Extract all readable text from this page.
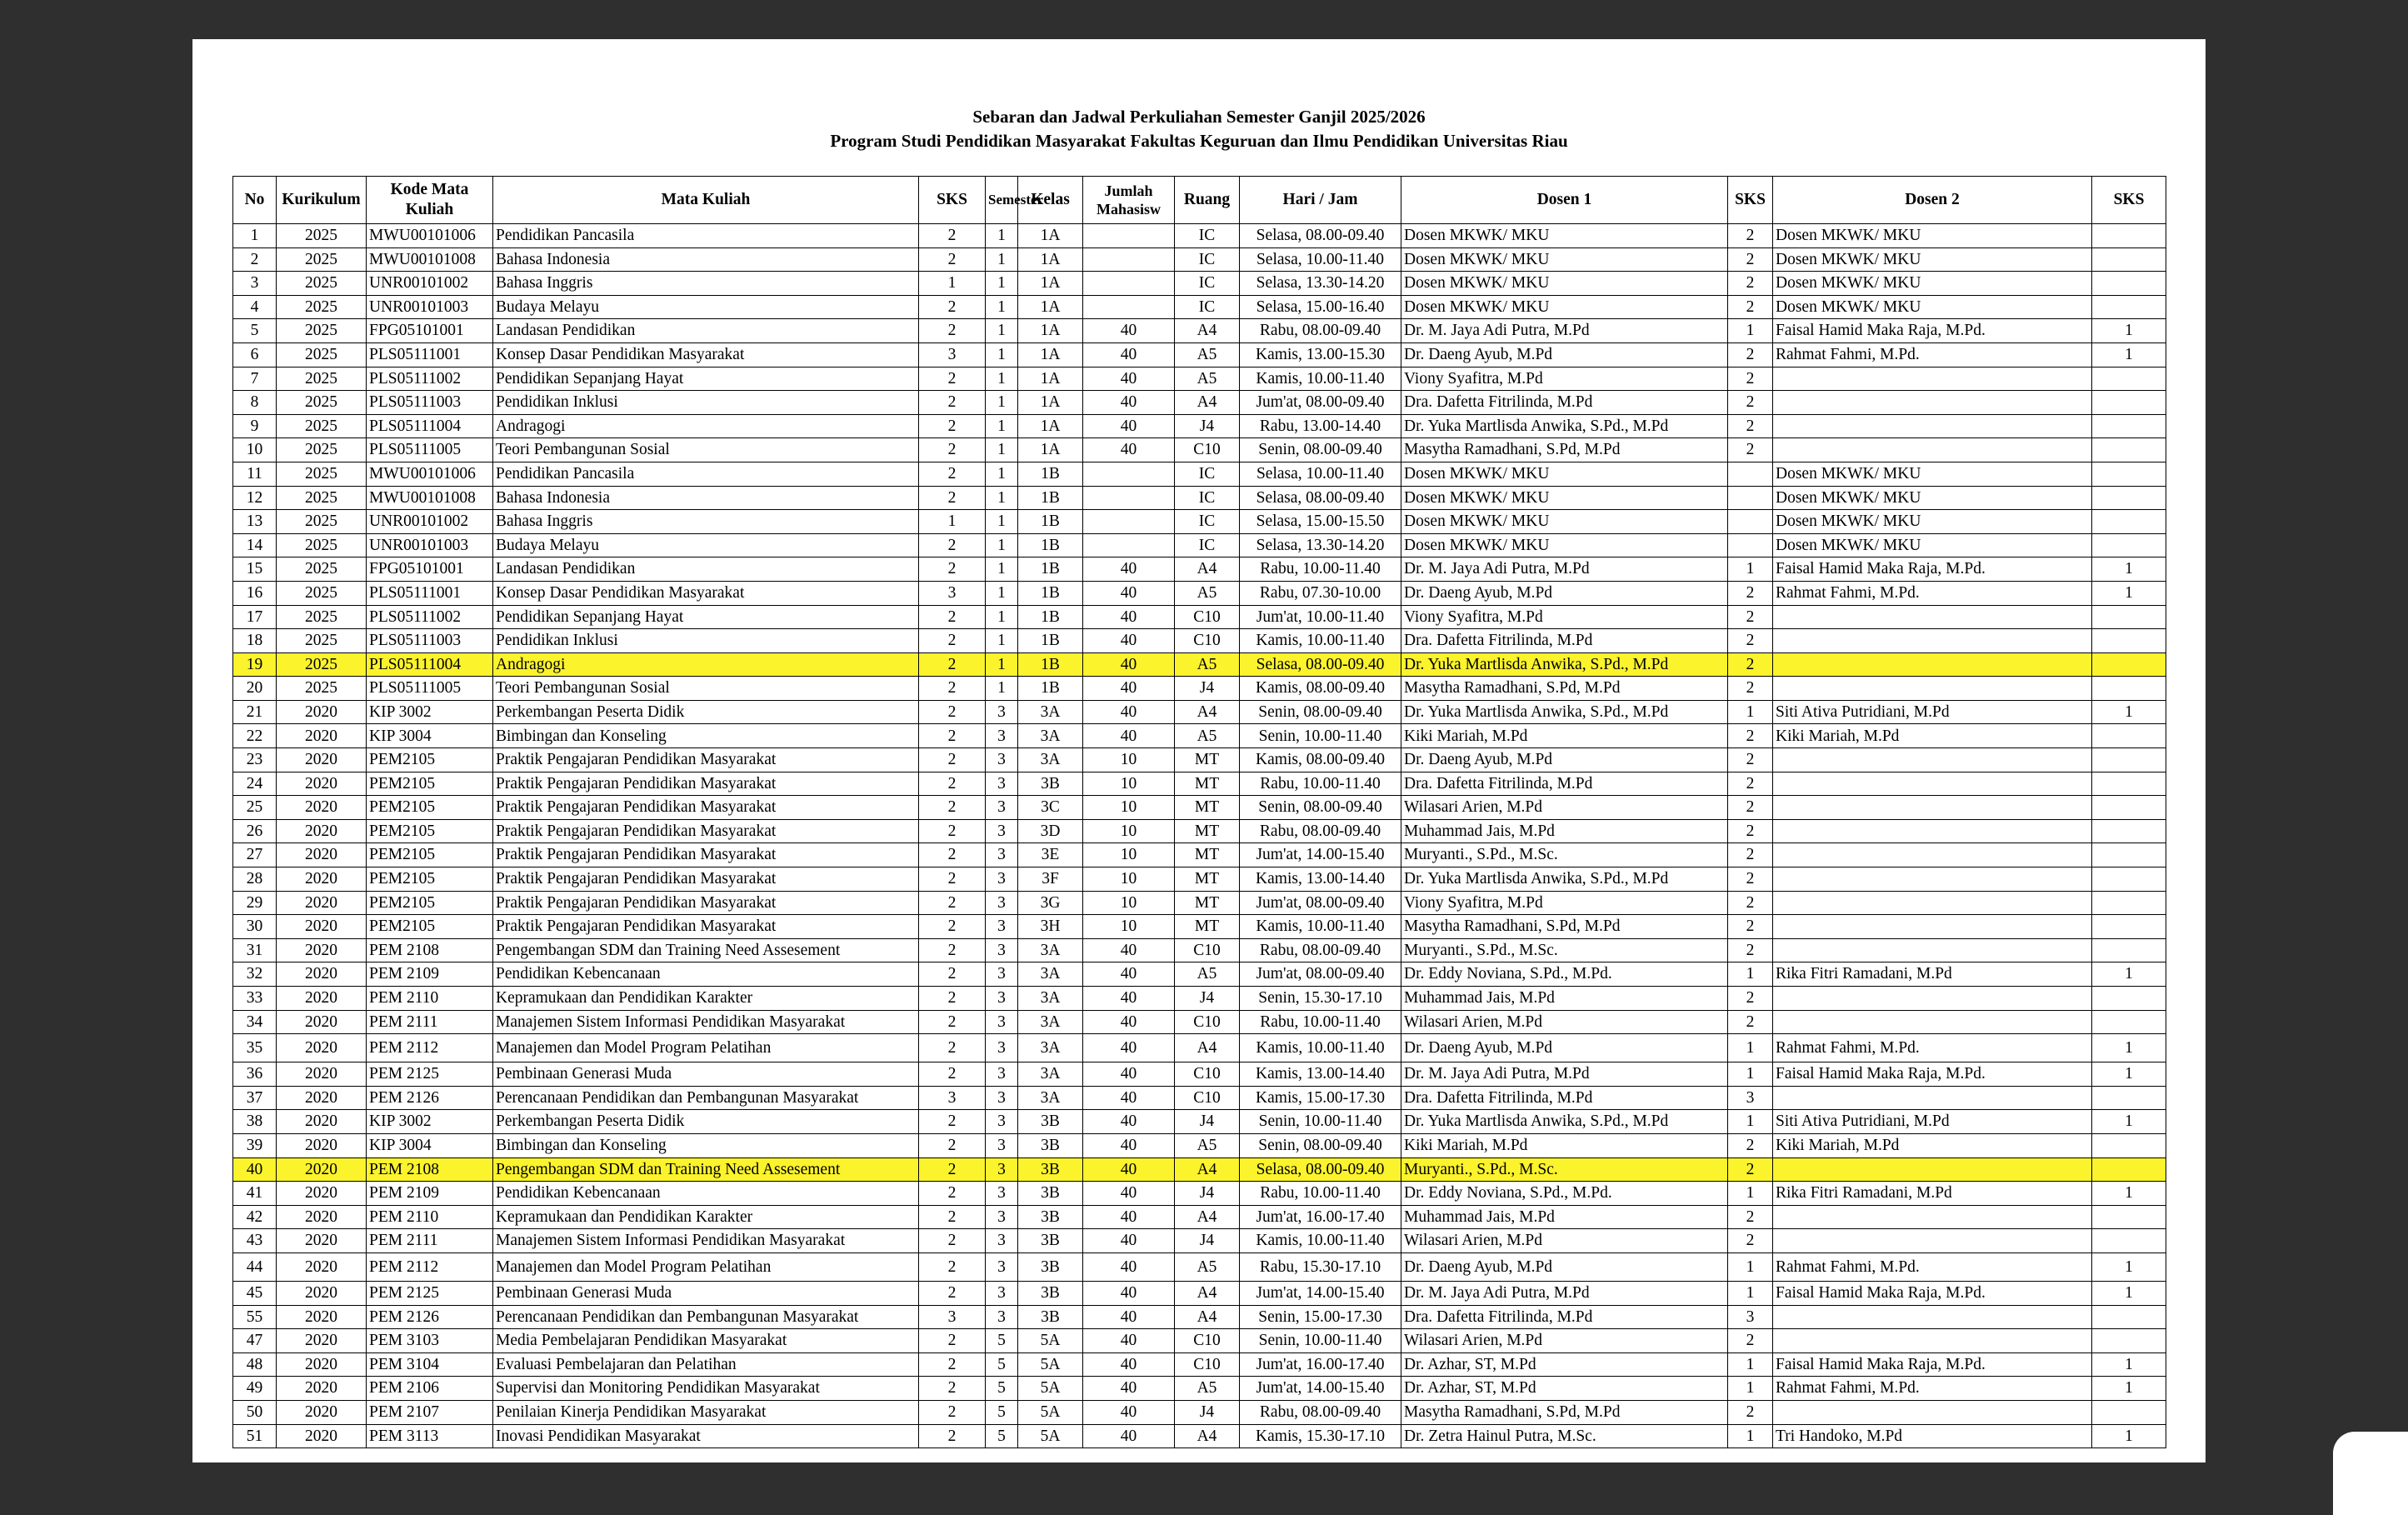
Sebaran dan Jadwal Perkuliahan Semester Ganjil 2025/2026
Program Studi Pendidikan Masyarakat Fakultas Keguruan dan Ilmu Pendidikan Universitas Riau
No	Kurikulum	Kode Mata Kuliah	Mata Kuliah	SKS	Semester	Kelas	Jumlah Mahasisw	Ruang	Hari / Jam	Dosen 1	SKS	Dosen 2	SKS
1	2025	MWU00101006	Pendidikan Pancasila	2	1	1A		IC	Selasa, 08.00-09.40	Dosen MKWK/ MKU	2	Dosen MKWK/ MKU	
2	2025	MWU00101008	Bahasa Indonesia	2	1	1A		IC	Selasa, 10.00-11.40	Dosen MKWK/ MKU	2	Dosen MKWK/ MKU	
3	2025	UNR00101002	Bahasa Inggris	1	1	1A		IC	Selasa, 13.30-14.20	Dosen MKWK/ MKU	2	Dosen MKWK/ MKU	
4	2025	UNR00101003	Budaya Melayu	2	1	1A		IC	Selasa, 15.00-16.40	Dosen MKWK/ MKU	2	Dosen MKWK/ MKU	
5	2025	FPG05101001	Landasan Pendidikan	2	1	1A	40	A4	Rabu, 08.00-09.40	Dr. M. Jaya Adi Putra, M.Pd	1	Faisal Hamid Maka Raja, M.Pd.	1
6	2025	PLS05111001	Konsep Dasar Pendidikan Masyarakat	3	1	1A	40	A5	Kamis, 13.00-15.30	Dr. Daeng Ayub, M.Pd	2	Rahmat Fahmi, M.Pd.	1
7	2025	PLS05111002	Pendidikan Sepanjang Hayat	2	1	1A	40	A5	Kamis, 10.00-11.40	Viony Syafitra, M.Pd	2		
8	2025	PLS05111003	Pendidikan Inklusi	2	1	1A	40	A4	Jum'at, 08.00-09.40	Dra. Dafetta Fitrilinda, M.Pd	2		
9	2025	PLS05111004	Andragogi	2	1	1A	40	J4	Rabu, 13.00-14.40	Dr. Yuka Martlisda Anwika, S.Pd., M.Pd	2		
10	2025	PLS05111005	Teori Pembangunan Sosial	2	1	1A	40	C10	Senin, 08.00-09.40	Masytha Ramadhani, S.Pd, M.Pd	2		
11	2025	MWU00101006	Pendidikan Pancasila	2	1	1B		IC	Selasa, 10.00-11.40	Dosen MKWK/ MKU		Dosen MKWK/ MKU	
12	2025	MWU00101008	Bahasa Indonesia	2	1	1B		IC	Selasa, 08.00-09.40	Dosen MKWK/ MKU		Dosen MKWK/ MKU	
13	2025	UNR00101002	Bahasa Inggris	1	1	1B		IC	Selasa, 15.00-15.50	Dosen MKWK/ MKU		Dosen MKWK/ MKU	
14	2025	UNR00101003	Budaya Melayu	2	1	1B		IC	Selasa, 13.30-14.20	Dosen MKWK/ MKU		Dosen MKWK/ MKU	
15	2025	FPG05101001	Landasan Pendidikan	2	1	1B	40	A4	Rabu, 10.00-11.40	Dr. M. Jaya Adi Putra, M.Pd	1	Faisal Hamid Maka Raja, M.Pd.	1
16	2025	PLS05111001	Konsep Dasar Pendidikan Masyarakat	3	1	1B	40	A5	Rabu, 07.30-10.00	Dr. Daeng Ayub, M.Pd	2	Rahmat Fahmi, M.Pd.	1
17	2025	PLS05111002	Pendidikan Sepanjang Hayat	2	1	1B	40	C10	Jum'at, 10.00-11.40	Viony Syafitra, M.Pd	2		
18	2025	PLS05111003	Pendidikan Inklusi	2	1	1B	40	C10	Kamis, 10.00-11.40	Dra. Dafetta Fitrilinda, M.Pd	2		
19	2025	PLS05111004	Andragogi	2	1	1B	40	A5	Selasa, 08.00-09.40	Dr. Yuka Martlisda Anwika, S.Pd., M.Pd	2		
20	2025	PLS05111005	Teori Pembangunan Sosial	2	1	1B	40	J4	Kamis, 08.00-09.40	Masytha Ramadhani, S.Pd, M.Pd	2		
21	2020	KIP 3002	Perkembangan Peserta Didik	2	3	3A	40	A4	Senin, 08.00-09.40	Dr. Yuka Martlisda Anwika, S.Pd., M.Pd	1	Siti Ativa Putridiani, M.Pd	1
22	2020	KIP 3004	Bimbingan dan Konseling	2	3	3A	40	A5	Senin, 10.00-11.40	Kiki Mariah, M.Pd	2	Kiki Mariah, M.Pd	
23	2020	PEM2105	Praktik Pengajaran Pendidikan Masyarakat	2	3	3A	10	MT	Kamis, 08.00-09.40	Dr. Daeng Ayub, M.Pd	2		
24	2020	PEM2105	Praktik Pengajaran Pendidikan Masyarakat	2	3	3B	10	MT	Rabu, 10.00-11.40	Dra. Dafetta Fitrilinda, M.Pd	2		
25	2020	PEM2105	Praktik Pengajaran Pendidikan Masyarakat	2	3	3C	10	MT	Senin, 08.00-09.40	Wilasari Arien, M.Pd	2		
26	2020	PEM2105	Praktik Pengajaran Pendidikan Masyarakat	2	3	3D	10	MT	Rabu, 08.00-09.40	Muhammad Jais, M.Pd	2		
27	2020	PEM2105	Praktik Pengajaran Pendidikan Masyarakat	2	3	3E	10	MT	Jum'at, 14.00-15.40	Muryanti., S.Pd., M.Sc.	2		
28	2020	PEM2105	Praktik Pengajaran Pendidikan Masyarakat	2	3	3F	10	MT	Kamis, 13.00-14.40	Dr. Yuka Martlisda Anwika, S.Pd., M.Pd	2		
29	2020	PEM2105	Praktik Pengajaran Pendidikan Masyarakat	2	3	3G	10	MT	Jum'at, 08.00-09.40	Viony Syafitra, M.Pd	2		
30	2020	PEM2105	Praktik Pengajaran Pendidikan Masyarakat	2	3	3H	10	MT	Kamis, 10.00-11.40	Masytha Ramadhani, S.Pd, M.Pd	2		
31	2020	PEM 2108	Pengembangan SDM dan Training Need Assesement	2	3	3A	40	C10	Rabu, 08.00-09.40	Muryanti., S.Pd., M.Sc.	2		
32	2020	PEM 2109	Pendidikan Kebencanaan	2	3	3A	40	A5	Jum'at, 08.00-09.40	Dr. Eddy Noviana, S.Pd., M.Pd.	1	Rika Fitri Ramadani, M.Pd	1
33	2020	PEM 2110	Kepramukaan dan Pendidikan Karakter	2	3	3A	40	J4	Senin, 15.30-17.10	Muhammad Jais, M.Pd	2		
34	2020	PEM 2111	Manajemen Sistem Informasi Pendidikan Masyarakat	2	3	3A	40	C10	Rabu, 10.00-11.40	Wilasari Arien, M.Pd	2		
35	2020	PEM 2112	Manajemen dan Model Program Pelatihan	2	3	3A	40	A4	Kamis, 10.00-11.40	Dr. Daeng Ayub, M.Pd	1	Rahmat Fahmi, M.Pd.	1
36	2020	PEM 2125	Pembinaan Generasi Muda	2	3	3A	40	C10	Kamis, 13.00-14.40	Dr. M. Jaya Adi Putra, M.Pd	1	Faisal Hamid Maka Raja, M.Pd.	1
37	2020	PEM 2126	Perencanaan Pendidikan dan Pembangunan Masyarakat	3	3	3A	40	C10	Kamis, 15.00-17.30	Dra. Dafetta Fitrilinda, M.Pd	3		
38	2020	KIP 3002	Perkembangan Peserta Didik	2	3	3B	40	J4	Senin, 10.00-11.40	Dr. Yuka Martlisda Anwika, S.Pd., M.Pd	1	Siti Ativa Putridiani, M.Pd	1
39	2020	KIP 3004	Bimbingan dan Konseling	2	3	3B	40	A5	Senin, 08.00-09.40	Kiki Mariah, M.Pd	2	Kiki Mariah, M.Pd	
40	2020	PEM 2108	Pengembangan SDM dan Training Need Assesement	2	3	3B	40	A4	Selasa, 08.00-09.40	Muryanti., S.Pd., M.Sc.	2		
41	2020	PEM 2109	Pendidikan Kebencanaan	2	3	3B	40	J4	Rabu, 10.00-11.40	Dr. Eddy Noviana, S.Pd., M.Pd.	1	Rika Fitri Ramadani, M.Pd	1
42	2020	PEM 2110	Kepramukaan dan Pendidikan Karakter	2	3	3B	40	A4	Jum'at, 16.00-17.40	Muhammad Jais, M.Pd	2		
43	2020	PEM 2111	Manajemen Sistem Informasi Pendidikan Masyarakat	2	3	3B	40	J4	Kamis, 10.00-11.40	Wilasari Arien, M.Pd	2		
44	2020	PEM 2112	Manajemen dan Model Program Pelatihan	2	3	3B	40	A5	Rabu, 15.30-17.10	Dr. Daeng Ayub, M.Pd	1	Rahmat Fahmi, M.Pd.	1
45	2020	PEM 2125	Pembinaan Generasi Muda	2	3	3B	40	A4	Jum'at, 14.00-15.40	Dr. M. Jaya Adi Putra, M.Pd	1	Faisal Hamid Maka Raja, M.Pd.	1
55	2020	PEM 2126	Perencanaan Pendidikan dan Pembangunan Masyarakat	3	3	3B	40	A4	Senin, 15.00-17.30	Dra. Dafetta Fitrilinda, M.Pd	3		
47	2020	PEM 3103	Media Pembelajaran Pendidikan Masyarakat	2	5	5A	40	C10	Senin, 10.00-11.40	Wilasari Arien, M.Pd	2		
48	2020	PEM 3104	Evaluasi Pembelajaran dan Pelatihan	2	5	5A	40	C10	Jum'at, 16.00-17.40	Dr. Azhar, ST, M.Pd	1	Faisal Hamid Maka Raja, M.Pd.	1
49	2020	PEM 2106	Supervisi dan Monitoring Pendidikan Masyarakat	2	5	5A	40	A5	Jum'at, 14.00-15.40	Dr. Azhar, ST, M.Pd	1	Rahmat Fahmi, M.Pd.	1
50	2020	PEM 2107	Penilaian Kinerja Pendidikan Masyarakat	2	5	5A	40	J4	Rabu, 08.00-09.40	Masytha Ramadhani, S.Pd, M.Pd	2		
51	2020	PEM 3113	Inovasi Pendidikan Masyarakat	2	5	5A	40	A4	Kamis, 15.30-17.10	Dr. Zetra Hainul Putra, M.Sc.	1	Tri Handoko, M.Pd	1
